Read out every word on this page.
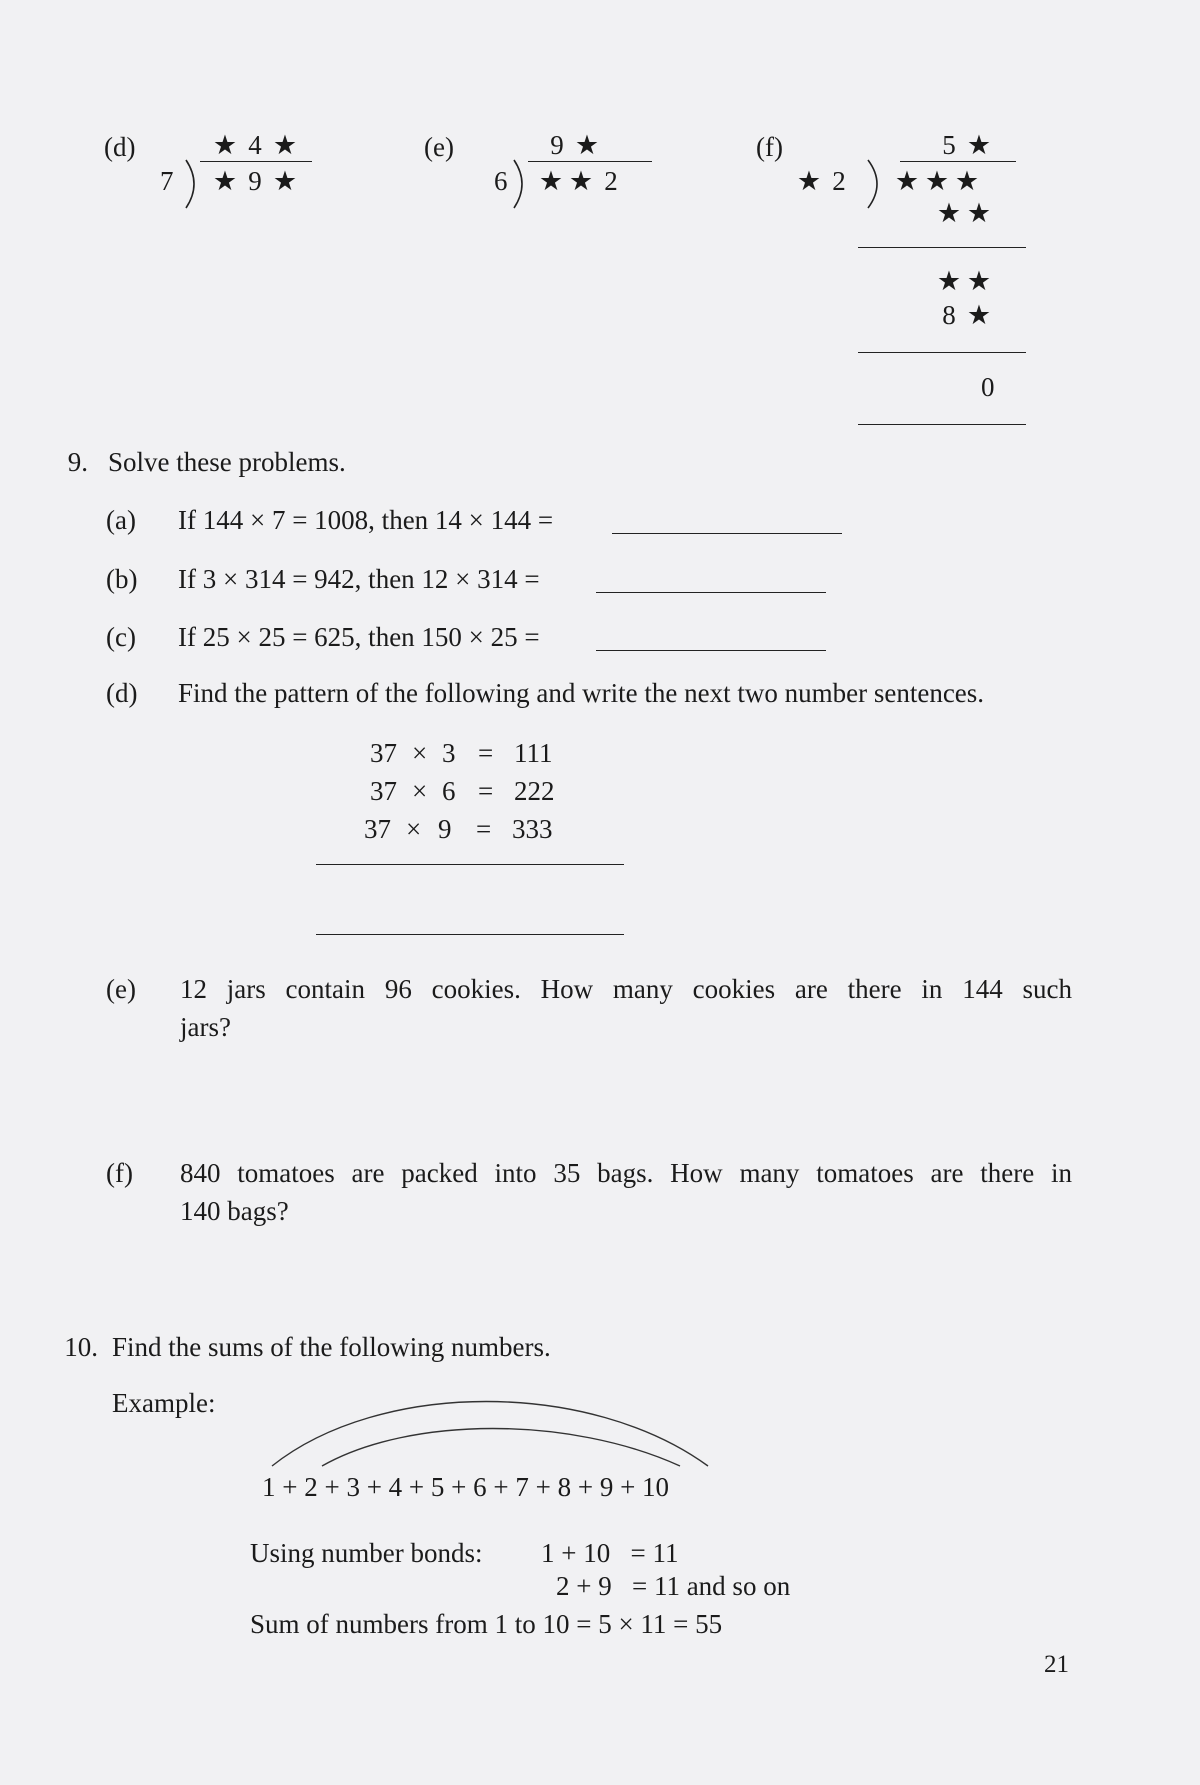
(d)	★ 4 ★
7 ★ 9 ★
(e)	9 ★
6 ★ ★ 2
(f)	5 ★
★ 2	★ ★ ★
★ ★
★ ★
8 ★
0
9. Solve these problems.
(a) If 144 × 7 = 1008, then 14 × 144 =
(b) If 3 × 314 = 942, then 12 × 314 =
(c) If 25 × 25 = 625, then 150 × 25 =
(d) Find the pattern of the following and write the next two number sentences.
37 × 3 = 111
37 × 6 = 222
37 × 9 = 333
(e) 12 jars contain 96 cookies. How many cookies are there in 144 such
jars?
(f) 840 tomatoes are packed into 35 bags. How many tomatoes are there in
140 bags?
10. Find the sums of the following numbers.
Example:
1 + 2 + 3 + 4 + 5 + 6 + 7 + 8 + 9 + 10
Using number bonds: 1 + 10   = 11
2 + 9   = 11 and so on
Sum of numbers from 1 to 10 = 5 × 11 = 55
21
